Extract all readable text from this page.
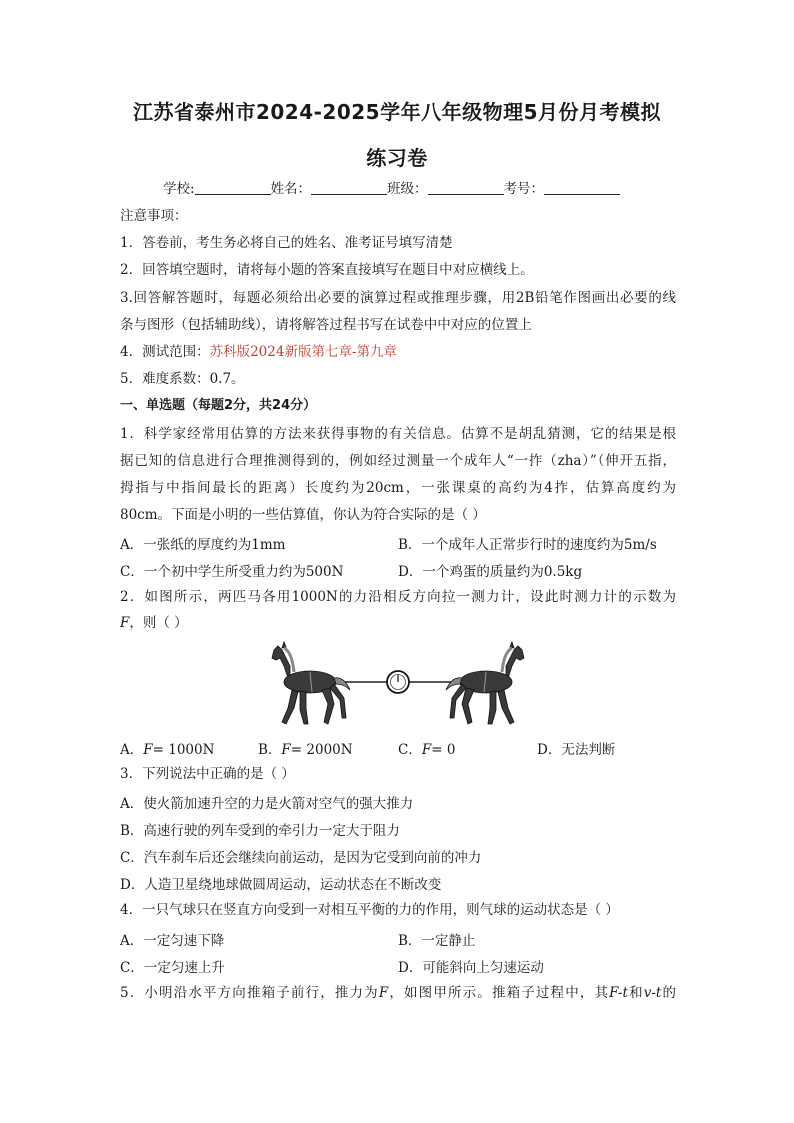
江苏省泰州市2024-2025学年八年级物理5月份月考模拟
练习卷
学校:	姓名：	班级：	考号：
注意事项：
1．答卷前，考生务必将自己的姓名、准考证号填写清楚
2．回答填空题时，请将每小题的答案直接填写在题目中对应横线上。
3.回答解答题时，每题必须给出必要的演算过程或推理步骤，用2B铅笔作图画出必要的线
条与图形（包括辅助线），请将解答过程书写在试卷中中对应的位置上
4．测试范围：苏科版2024新版第七章-第九章
5．难度系数：0.7。
一、单选题（每题2分，共24分）
1．科学家经常用估算的方法来获得事物的有关信息。估算不是胡乱猜测，它的结果是根
据已知的信息进行合理推测得到的，例如经过测量一个成年人“一拃（zha）”（伸开五指，
拇指与中指间最长的距离）长度约为20cm，一张课桌的高约为4拃，估算高度约为
80cm。下面是小明的一些估算值，你认为符合实际的是（ ）
A．一张纸的厚度约为1mm	B．一个成年人正常步行时的速度约为5m/s
C．一个初中学生所受重力约为500N	D．一个鸡蛋的质量约为0.5kg
2．如图所示，两匹马各用1000N的力沿相反方向拉一测力计，设此时测力计的示数为
F，则（ ）
A．F= 1000N	B．F= 2000N	C．F= 0	D．无法判断
3．下列说法中正确的是（ ）
A．使火箭加速升空的力是火箭对空气的强大推力
B．高速行驶的列车受到的牵引力一定大于阻力
C．汽车刹车后还会继续向前运动，是因为它受到向前的冲力
D．人造卫星绕地球做圆周运动，运动状态在不断改变
4．一只气球只在竖直方向受到一对相互平衡的力的作用，则气球的运动状态是（ ）
A．一定匀速下降	B．一定静止
C．一定匀速上升	D．可能斜向上匀速运动
5．小明沿水平方向推箱子前行，推力为F，如图甲所示。推箱子过程中，其F-t和v-t的
